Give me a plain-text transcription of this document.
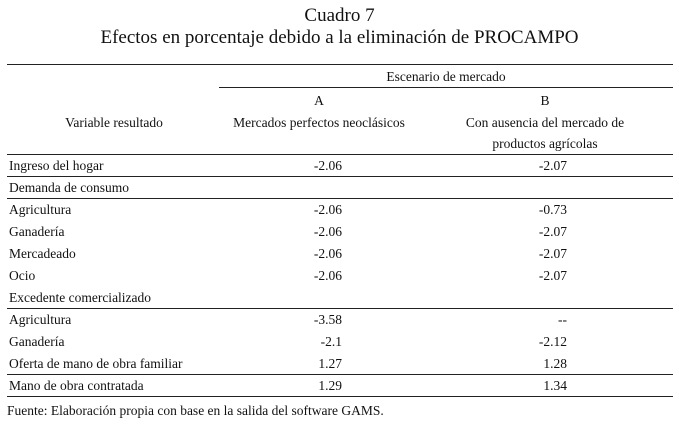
Cuadro 7
Efectos en porcentaje debido a la eliminación de PROCAMPO
Escenario de mercado
A	B
Variable resultado	Mercados perfectos neoclásicos	Con ausencia del mercado de
productos agrícolas
Ingreso del hogar	-2.06	-2.07
Demanda de consumo
Agricultura	-2.06	-0.73
Ganadería	-2.06	-2.07
Mercadeado	-2.06	-2.07
Ocio	-2.06	-2.07
Excedente comercializado
Agricultura	-3.58	--
Ganadería	-2.1	-2.12
Oferta de mano de obra familiar	1.27	1.28
Mano de obra contratada	1.29	1.34
Fuente: Elaboración propia con base en la salida del software GAMS.
